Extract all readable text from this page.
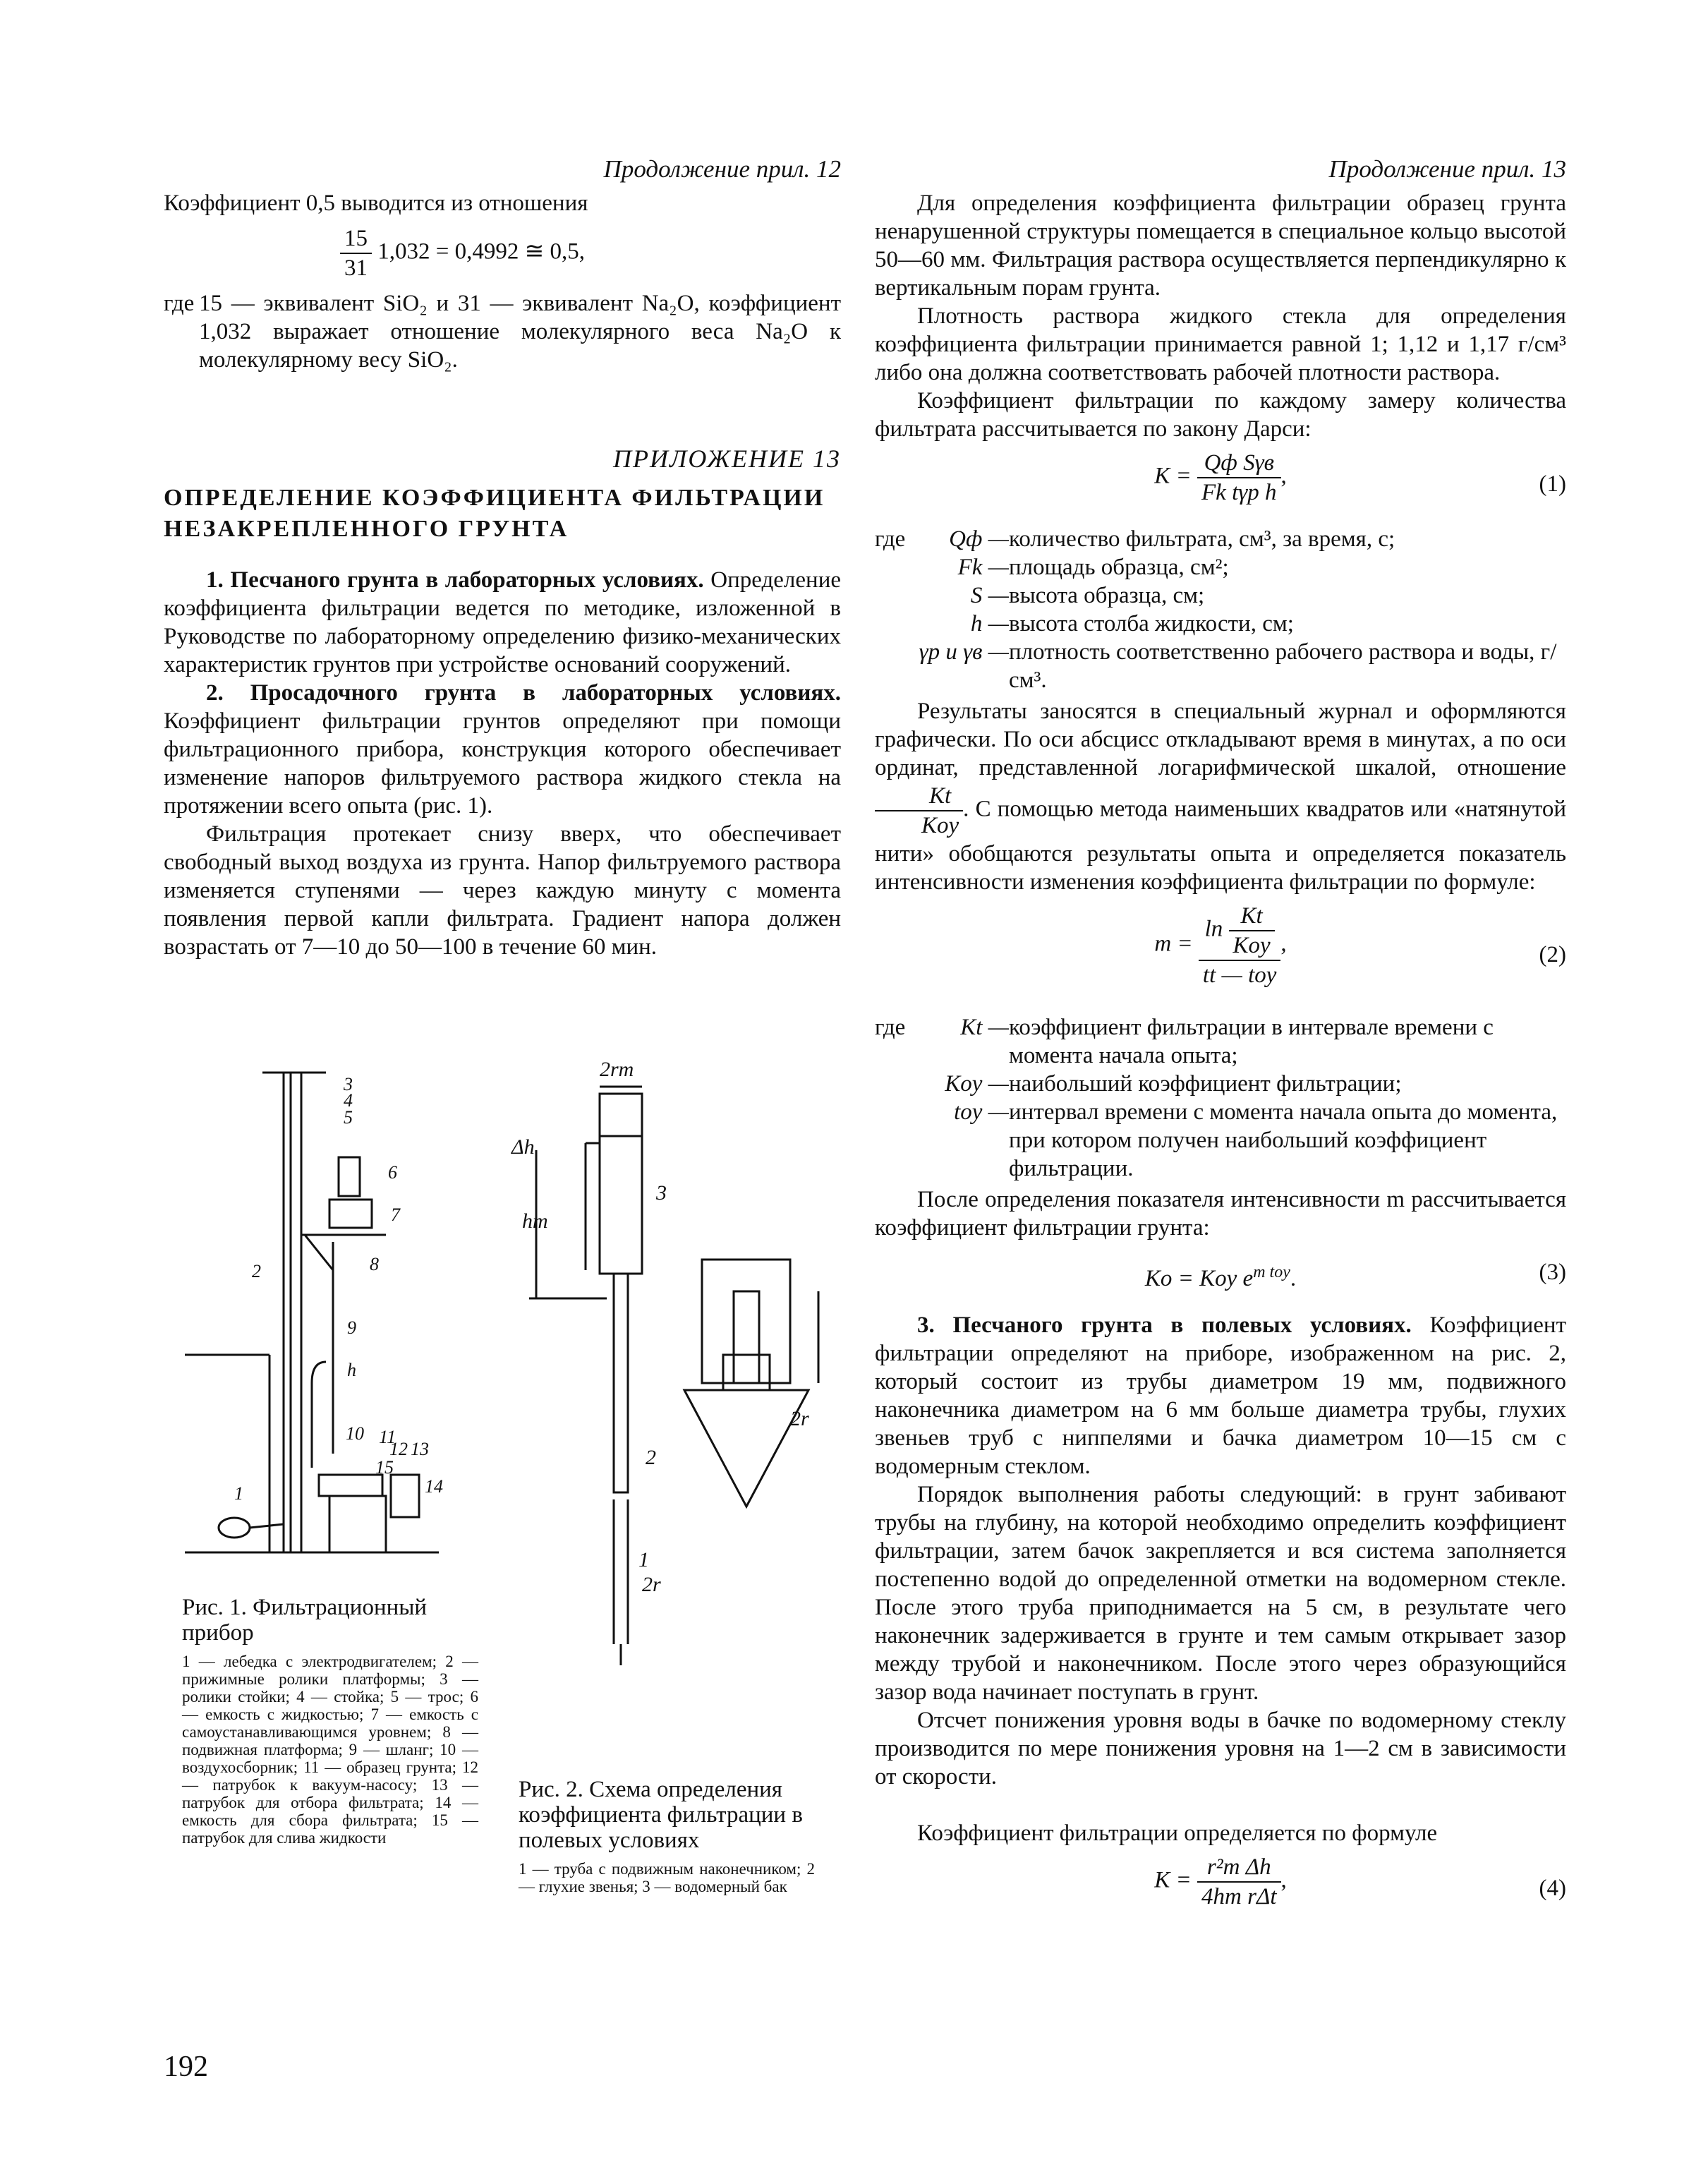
Продолжение прил. 12

Коэффициент 0,5 выводится из отношения

$\frac{15}{31} 1,032 = 0,4992$ ≅ 0,5,
где 15 — эквивалент SiO₂ и 31 — эквивалент Na₂O, коэффициент 1,032 выражает отношение молекулярного веса Na₂O к молекулярному весу SiO₂.

ПРИЛОЖЕНИЕ 13
ОПРЕДЕЛЕНИЕ КОЭФФИЦИЕНТА ФИЛЬТРАЦИИ НЕЗАКРЕПЛЕННОГО ГРУНТА

1. Песчаного грунта в лабораторных условиях. Определение коэффициента фильтрации ведется по методике, изложенной в Руководстве по лабораторному определению физико-механических характеристик грунтов при устройстве оснований сооружений.

2. Просадочного грунта в лабораторных условиях. Коэффициент фильтрации грунтов определяют при помощи фильтрационного прибора, конструкция которого обеспечивает изменение напоров фильтруемого раствора жидкого стекла на протяжении всего опыта (рис. 1).

Фильтрация протекает снизу вверх, что обеспечивает свободный выход воздуха из грунта. Напор фильтруемого раствора изменяется ступенями — через каждую минуту с момента появления первой капли фильтрата. Градиент напора должен возрастать от 7—10 до 50—100 в течение 60 мин.

1
2
3
4
5
6
7
8
9
10 11
12 13
14
15
h
2rm
Δh
hm
3
2
1
2r
2r
Рис. 1. Фильтрационный прибор
1 — лебедка с электродвигателем; 2 — прижимные ролики платформы; 3 — ролики стойки; 4 — стойка; 5 — трос; 6 — емкость с жидкостью; 7 — емкость с самоустанавливающимся уровнем; 8 — подвижная платформа; 9 — шланг; 10 — воздухосборник; 11 — образец грунта; 12 — патрубок к вакуум-насосу; 13 — патрубок для отбора фильтрата; 14 — емкость для сбора фильтрата; 15 — патрубок для слива жидкости
Рис. 2. Схема определения коэффициента фильтрации в полевых условиях
1 — труба с подвижным наконечником; 2 — глухие звенья; 3 — водомерный бак
192
Продолжение прил. 13

Для определения коэффициента фильтрации образец грунта ненарушенной структуры помещается в специальное кольцо высотой 50—60 мм. Фильтрация раствора осуществляется перпендикулярно к вертикальным порам грунта.

Плотность раствора жидкого стекла для определения коэффициента фильтрации принимается равной 1; 1,12 и 1,17 г/см³ либо она должна соответствовать рабочей плотности раствора.

Коэффициент фильтрации по каждому замеру количества фильтрата рассчитывается по закону Дарси:

$K = \frac{\text{Qф Sγв}}{\text{Fk tγр h}}$ ,	(1)
где	Qф — количество фильтрата, см³, за время, с;
Fk — площадь образца, см²;
S — высота образца, см;
h — высота столба жидкости, см;
γр и γв — плотность соответственно рабочего раствора и воды, г/см³.

Результаты заносятся в специальный журнал и оформляются графически. По оси абсцисс откладывают время в минутах, а по оси ординат, представленной логарифмической шкалой, отношение
$\frac{Kt}{\text{Koy}}$ . С помощью метода наименьших квадратов или «натянутой нити» обобщаются результаты опыта и определяется показатель интенсивности изменения коэффициента фильтрации по формуле:

$m = \frac{\ln \frac{Kt}{\text{Koy}}}{\text{tt — toy}}$ ,	(2)
где	Kt — коэффициент фильтрации в интервале времени с момента начала опыта;
Koy — наибольший коэффициент фильтрации;
toy — интервал времени с момента начала опыта до момента, при котором получен наибольший коэффициент фильтрации.

После определения показателя интенсивности m рассчитывается коэффициент фильтрации грунта:

Ko = Koy $e^{m toy}$.	(3)

3. Песчаного грунта в полевых условиях. Коэффициент фильтрации определяют на приборе, изображенном на рис. 2, который состоит из трубы диаметром 19 мм, подвижного наконечника диаметром на 6 мм больше диаметра трубы, глухих звеньев труб с ниппелями и бачка диаметром 10—15 см с водомерным стеклом.

Порядок выполнения работы следующий: в грунт забивают трубы на глубину, на которой необходимо определить коэффициент фильтрации, затем бачок закрепляется и вся система заполняется постепенно водой до определенной отметки на водомерном стекле. После этого труба приподнимается на 5 см, в результате чего наконечник задерживается в грунте и тем самым открывает зазор между трубой и наконечником. После этого через образующийся зазор вода начинает поступать в грунт.

Отсчет понижения уровня воды в бачке по водомерному стеклу производится по мере понижения уровня на 1—2 см в зависимости от скорости.

Коэффициент фильтрации определяется по формуле

$K = \frac{\text{r²m Δh}}{\text{4hm rΔt}}$ ,	(4)
